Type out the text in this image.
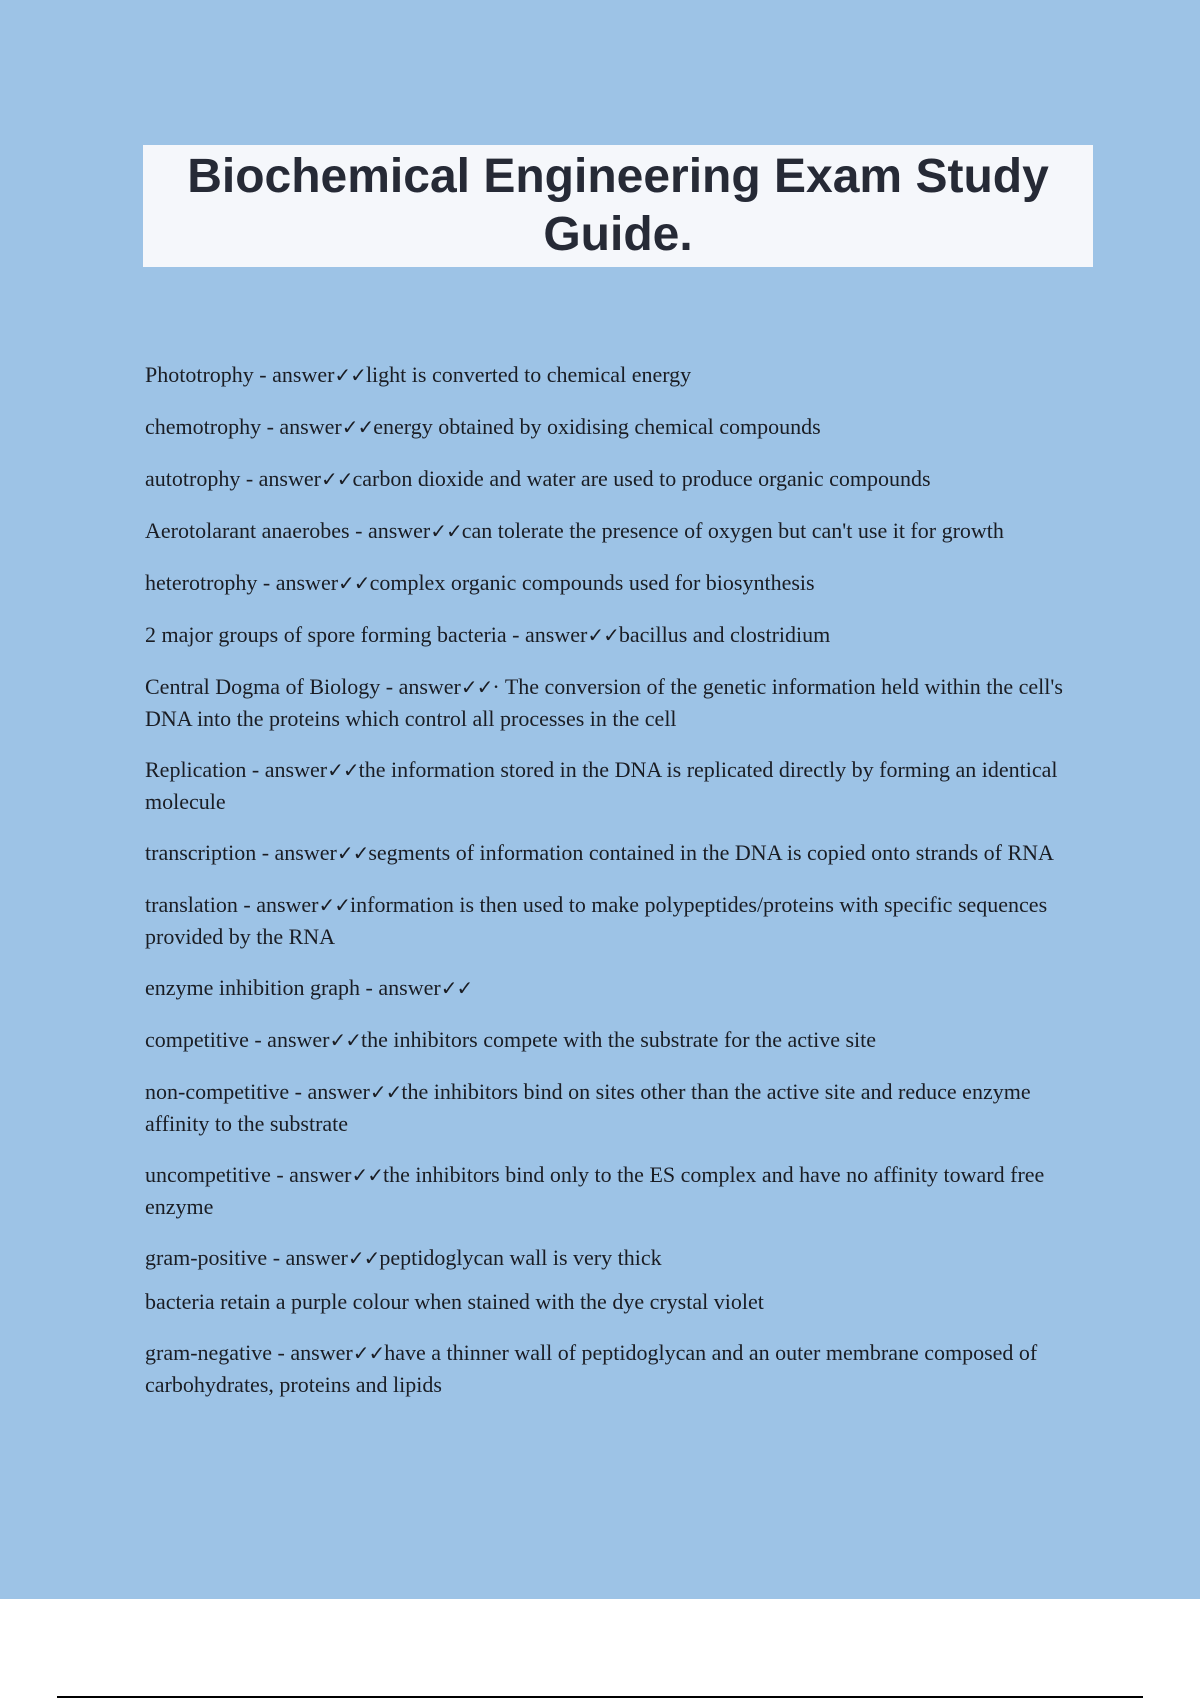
Biochemical Engineering Exam Study Guide.
Phototrophy - answer✓✓light is converted to chemical energy
chemotrophy - answer✓✓energy obtained by oxidising chemical compounds
autotrophy - answer✓✓carbon dioxide and water are used to produce organic compounds
Aerotolarant anaerobes - answer✓✓can tolerate the presence of oxygen but can't use it for growth
heterotrophy - answer✓✓complex organic compounds used for biosynthesis
2 major groups of spore forming bacteria - answer✓✓bacillus and clostridium
Central Dogma of Biology - answer✓✓· The conversion of the genetic information held within the cell's DNA into the proteins which control all processes in the cell
Replication - answer✓✓the information stored in the DNA is replicated directly by forming an identical molecule
transcription - answer✓✓segments of information contained in the DNA is copied onto strands of RNA
translation - answer✓✓information is then used to make polypeptides/proteins with specific sequences provided by the RNA
enzyme inhibition graph - answer✓✓
competitive - answer✓✓the inhibitors compete with the substrate for the active site
non-competitive - answer✓✓the inhibitors bind on sites other than the active site and reduce enzyme affinity to the substrate
uncompetitive - answer✓✓the inhibitors bind only to the ES complex and have no affinity toward free enzyme
gram-positive - answer✓✓peptidoglycan wall is very thick
bacteria retain a purple colour when stained with the dye crystal violet
gram-negative - answer✓✓have a thinner wall of peptidoglycan and an outer membrane composed of carbohydrates, proteins and lipids
